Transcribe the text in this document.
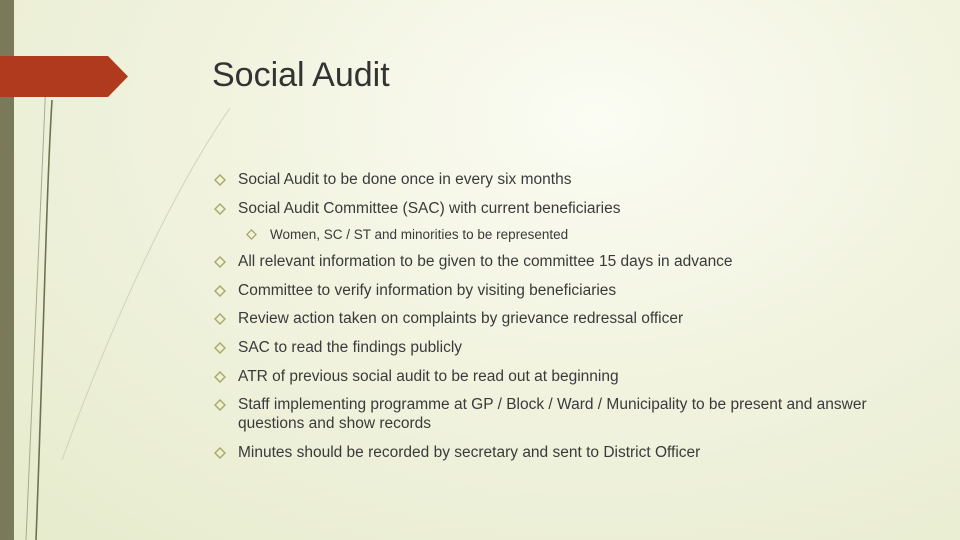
Social Audit
Social Audit to be done once in every six months
Social Audit Committee (SAC) with current beneficiaries
Women, SC / ST and minorities to be represented
All relevant information to be given to the committee 15 days in advance
Committee to verify information by visiting beneficiaries
Review action taken on complaints by grievance redressal officer
SAC to read the findings publicly
ATR of previous social audit to be read out at beginning
Staff implementing programme at GP / Block / Ward / Municipality to be present and answer questions and show records
Minutes should be recorded by secretary and sent to District Officer
